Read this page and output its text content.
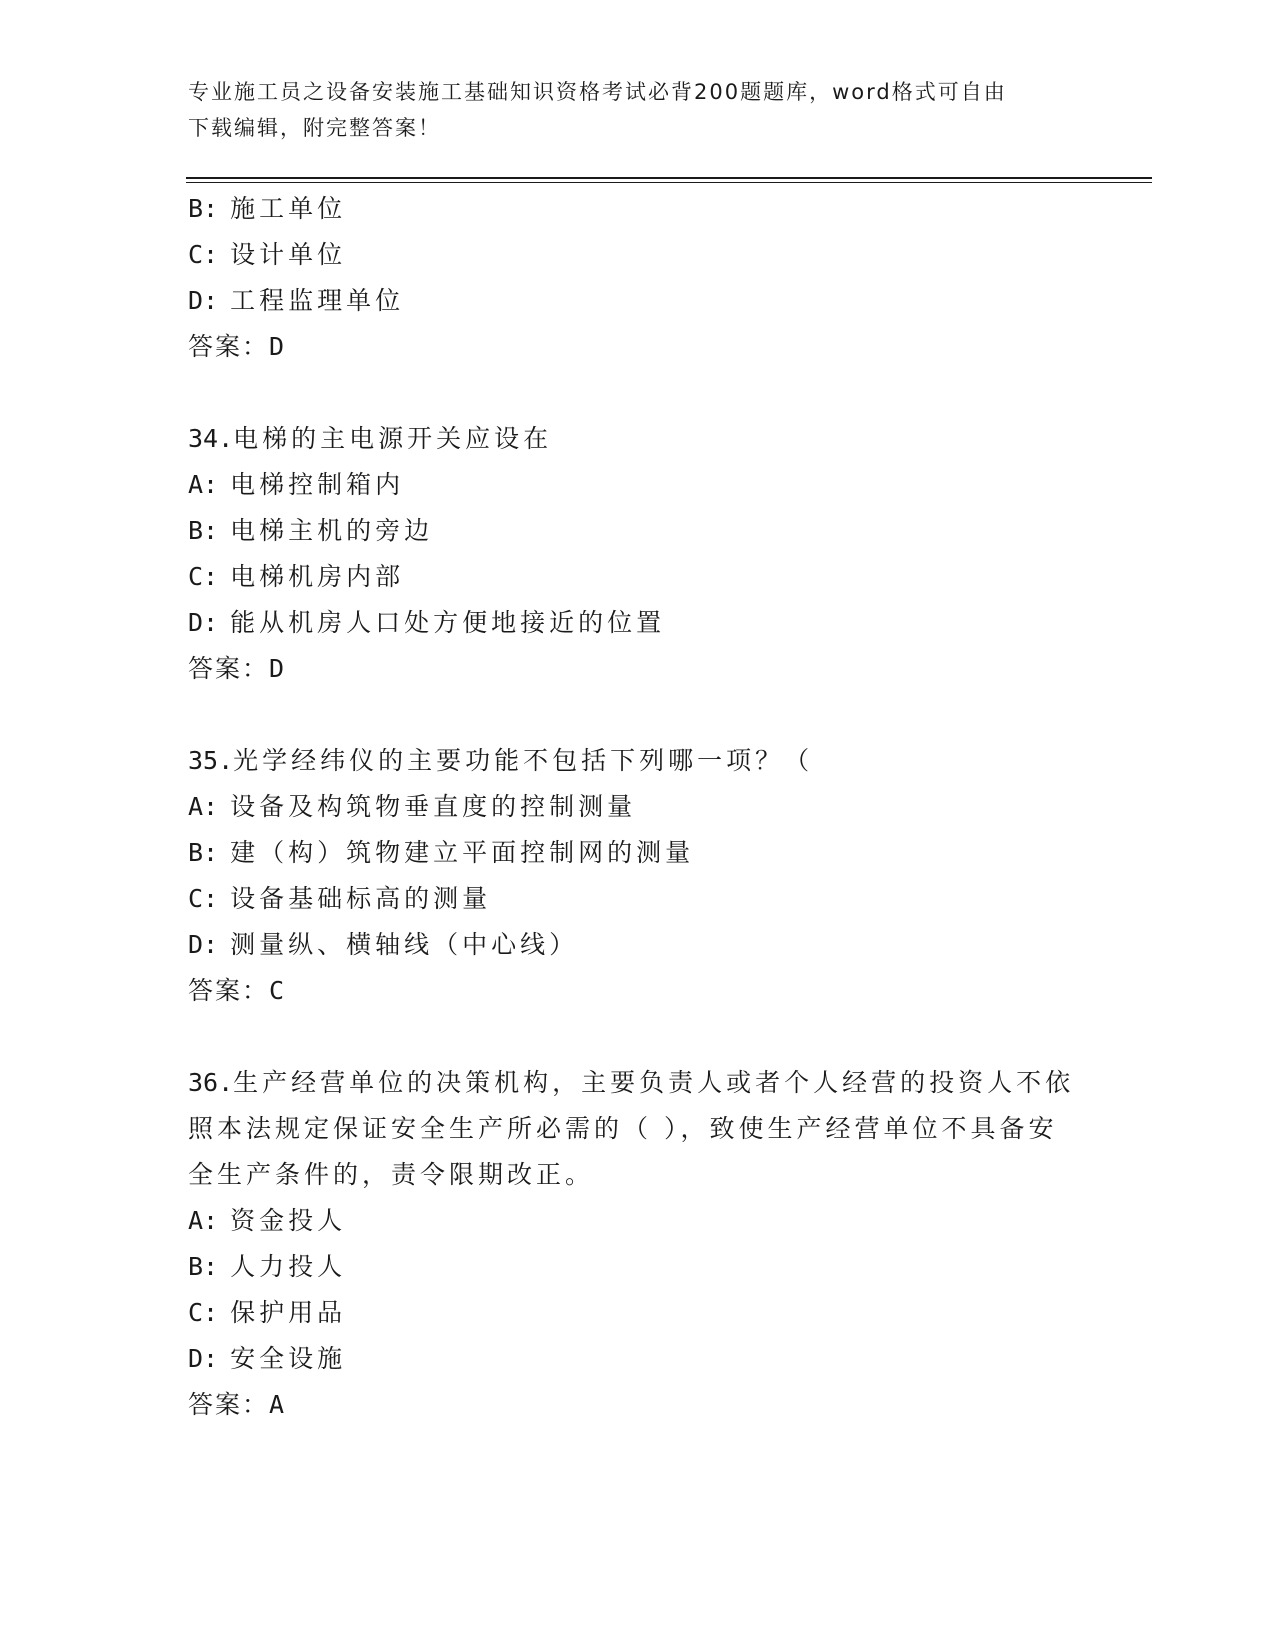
专业施工员之设备安装施工基础知识资格考试必背200题题库，word格式可自由
下载编辑，附完整答案！
B: 施工单位
C: 设计单位
D: 工程监理单位
答案：D
34.电梯的主电源开关应设在
A: 电梯控制箱内
B: 电梯主机的旁边
C: 电梯机房内部
D: 能从机房人口处方便地接近的位置
答案：D
35.光学经纬仪的主要功能不包括下列哪一项？（
A: 设备及构筑物垂直度的控制测量
B: 建（构）筑物建立平面控制网的测量
C: 设备基础标高的测量
D: 测量纵、横轴线（中心线）
答案：C
36.生产经营单位的决策机构，主要负责人或者个人经营的投资人不依
照本法规定保证安全生产所必需的（ ），致使生产经营单位不具备安
全生产条件的，责令限期改正。
A: 资金投人
B: 人力投人
C: 保护用品
D: 安全设施
答案：A
